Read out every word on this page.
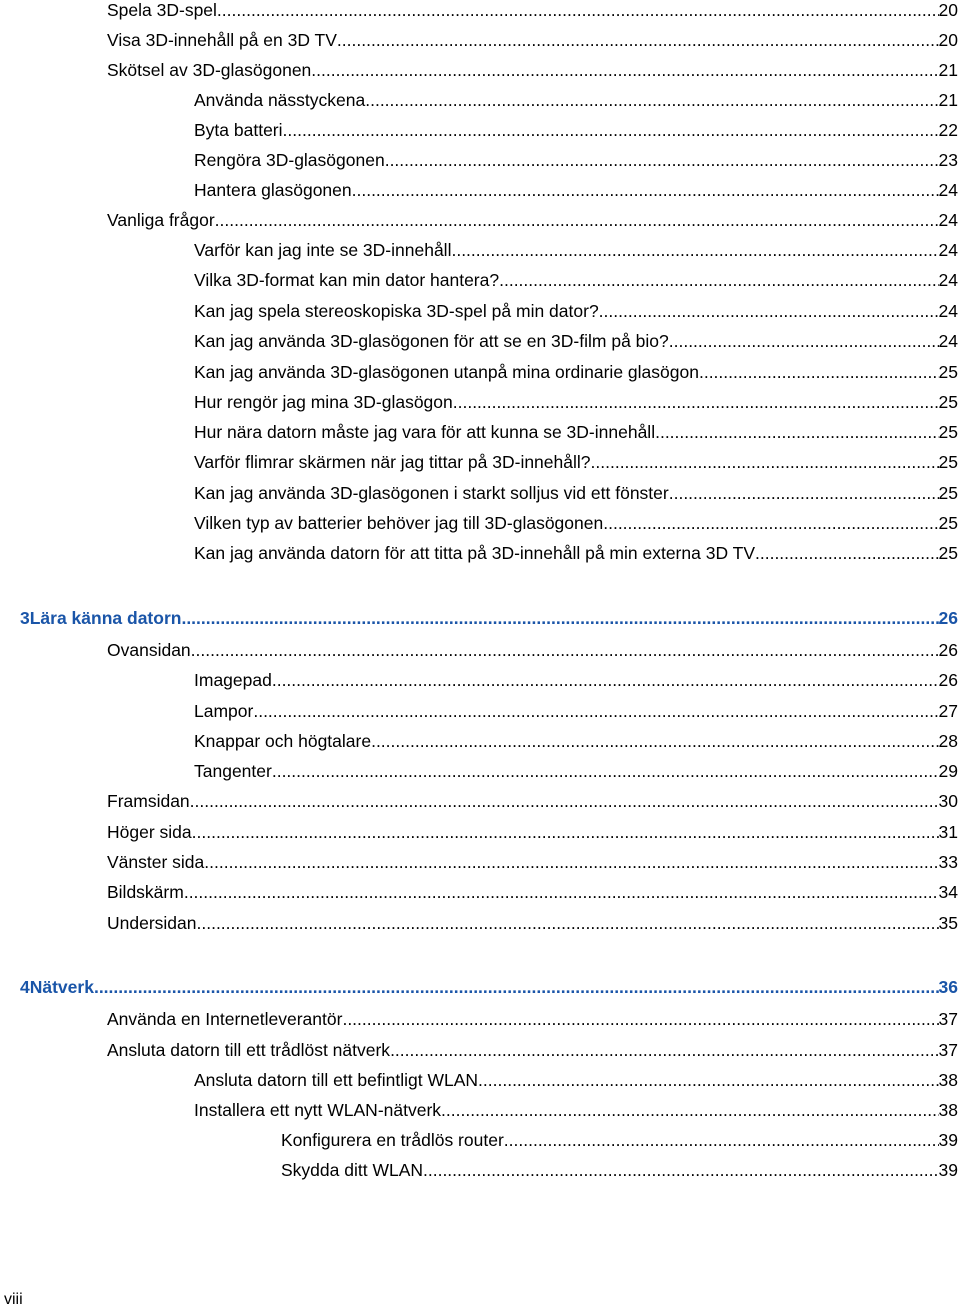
Spela 3D-spel .....	20
Visa 3D-innehåll på en 3D TV .....	20
Skötsel av 3D-glasögonen .....	21
Använda nässtyckena .....	21
Byta batteri .....	22
Rengöra 3D-glasögonen .....	23
Hantera glasögonen .....	24
Vanliga frågor .....	24
Varför kan jag inte se 3D-innehåll .....	24
Vilka 3D-format kan min dator hantera? .....	24
Kan jag spela stereoskopiska 3D-spel på min dator? .....	24
Kan jag använda 3D-glasögonen för att se en 3D-film på bio? .....	24
Kan jag använda 3D-glasögonen utanpå mina ordinarie glasögon .....	25
Hur rengör jag mina 3D-glasögon .....	25
Hur nära datorn måste jag vara för att kunna se 3D-innehåll .....	25
Varför flimrar skärmen när jag tittar på 3D-innehåll? .....	25
Kan jag använda 3D-glasögonen i starkt solljus vid ett fönster .....	25
Vilken typ av batterier behöver jag till 3D-glasögonen .....	25
Kan jag använda datorn för att titta på 3D-innehåll på min externa 3D TV .....	25
3 Lära känna datorn .....	26
Ovansidan .....	26
Imagepad .....	26
Lampor .....	27
Knappar och högtalare .....	28
Tangenter .....	29
Framsidan .....	30
Höger sida .....	31
Vänster sida .....	33
Bildskärm .....	34
Undersidan .....	35
4 Nätverk .....	36
Använda en Internetleverantör .....	37
Ansluta datorn till ett trådlöst nätverk .....	37
Ansluta datorn till ett befintligt WLAN .....	38
Installera ett nytt WLAN-nätverk .....	38
Konfigurera en trådlös router .....	39
Skydda ditt WLAN .....	39
viii
